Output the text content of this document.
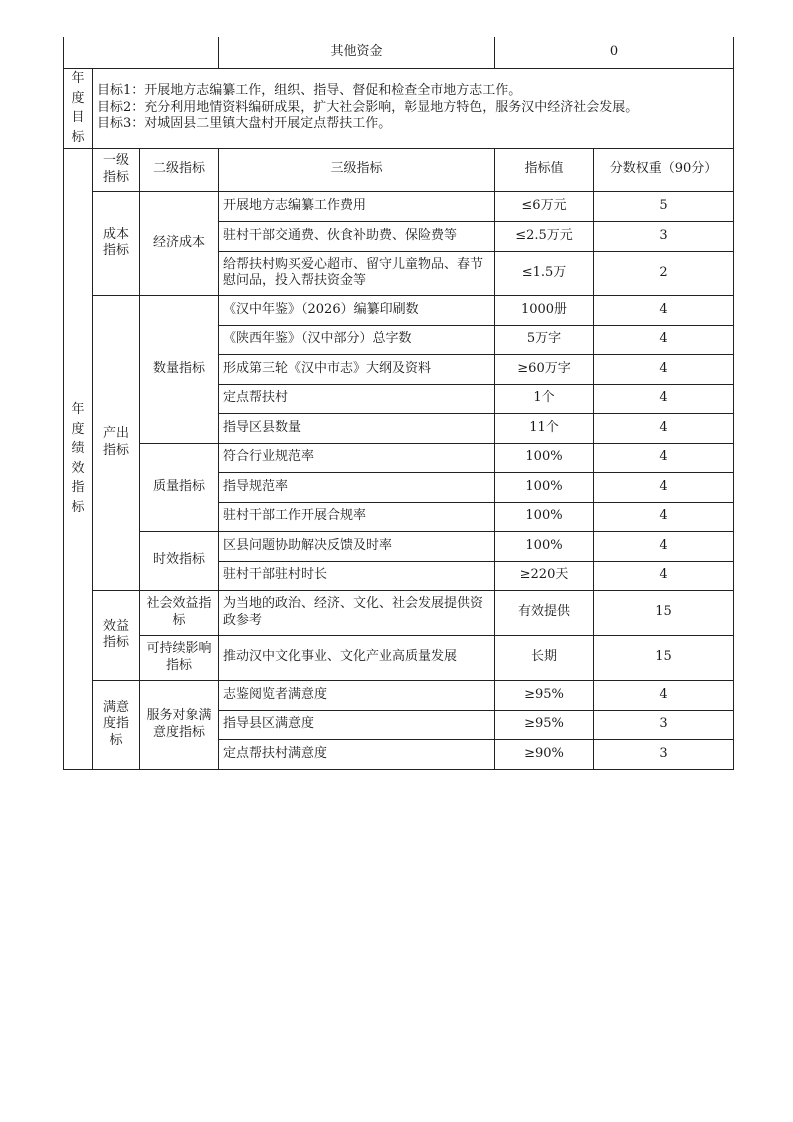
			其他资金	0	
年度目标	目标1：开展地方志编纂工作，组织、指导、督促和检查全市地方志工作。
目标2：充分利用地情资料编研成果，扩大社会影响，彰显地方特色，服务汉中经济社会发展。
目标3：对城固县二里镇大盘村开展定点帮扶工作。				

年度绩效指标	一级指标	二级指标	三级指标	指标值	分数权重（90分）
	成本指标	经济成本	开展地方志编纂工作费用	≤6万元	5
			驻村干部交通费、伙食补助费、保险费等	≤2.5万元	3
			给帮扶村购买爱心超市、留守儿童物品、春节慰问品，投入帮扶资金等	≤1.5万	2
	产出指标	数量指标	《汉中年鉴》（2026）编纂印刷数	1000册	4
			《陕西年鉴》（汉中部分）总字数	5万字	4
			形成第三轮《汉中市志》大纲及资料	≥60万字	4
			定点帮扶村	1个	4
			指导区县数量	11个	4
		质量指标	符合行业规范率	100%	4
			指导规范率	100%	4
			驻村干部工作开展合规率	100%	4
		时效指标	区县问题协助解决反馈及时率	100%	4
			驻村干部驻村时长	≥220天	4
	效益指标	社会效益指标	为当地的政治、经济、文化、社会发展提供资政参考	有效提供	15
		可持续影响指标	推动汉中文化事业、文化产业高质量发展	长期	15
	满意度指标	服务对象满意度指标	志鉴阅览者满意度	≥95%	4
			指导县区满意度	≥95%	3
			定点帮扶村满意度	≥90%	3
